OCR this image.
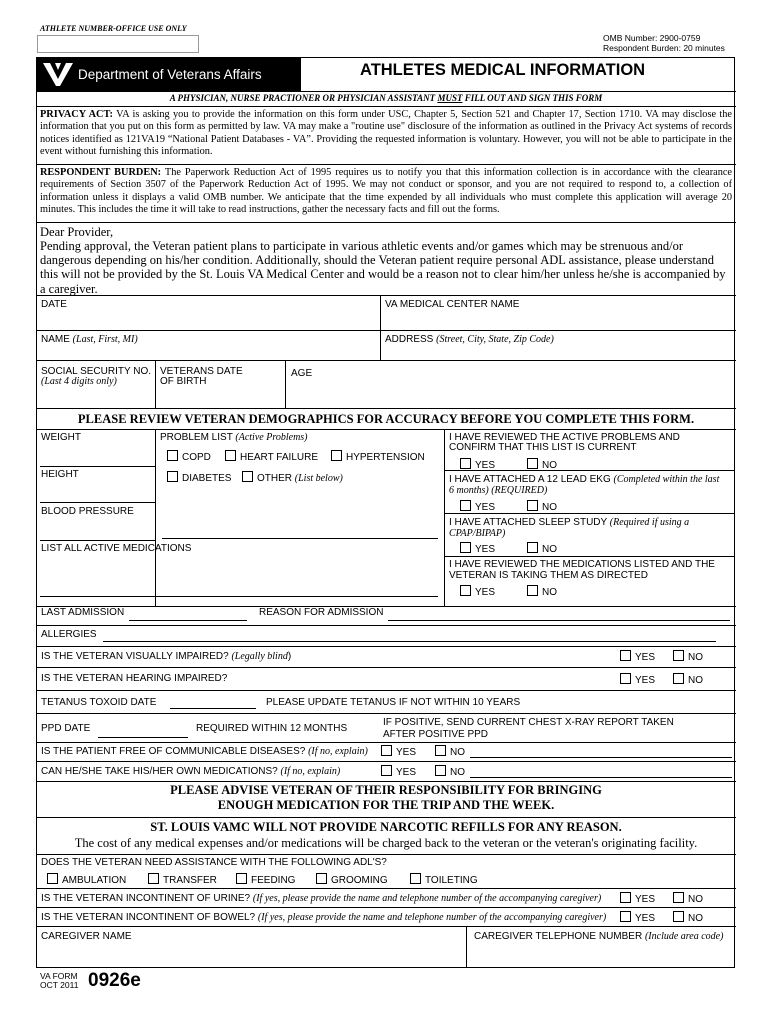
ATHLETE NUMBER-OFFICE USE ONLY
OMB Number: 2900-0759
Respondent Burden: 20 minutes
Department of Veterans Affairs	ATHLETES MEDICAL INFORMATION
A PHYSICIAN, NURSE PRACTIONER OR PHYSICIAN ASSISTANT MUST FILL OUT AND SIGN THIS FORM
PRIVACY ACT: VA is asking you to provide the information on this form under USC, Chapter 5, Section 521 and Chapter 17, Section 1710. VA may disclose the information that you put on this form as permitted by law. VA may make a "routine use" disclosure of the information as outlined in the Privacy Act systems of records notices identified as 121VA19 “National Patient Databases - VA”. Providing the requested information is voluntary. However, you will not be able to participate in the event without furnishing this information.
RESPONDENT BURDEN: The Paperwork Reduction Act of 1995 requires us to notify you that this information collection is in accordance with the clearance requirements of Section 3507 of the Paperwork Reduction Act of 1995. We may not conduct or sponsor, and you are not required to respond to, a collection of information unless it displays a valid OMB number. We anticipate that the time expended by all individuals who must complete this application will average 20 minutes. This includes the time it will take to read instructions, gather the necessary facts and fill out the forms.
Dear Provider,
Pending approval, the Veteran patient plans to participate in various athletic events and/or games which may be strenuous and/or dangerous depending on his/her condition. Additionally, should the Veteran patient require personal ADL assistance, please understand this will not be provided by the St. Louis VA Medical Center and would be a reason not to clear him/her unless he/she is accompanied by a caregiver.
DATE	VA MEDICAL CENTER NAME
NAME (Last, First, MI)	ADDRESS (Street, City, State, Zip Code)
SOCIAL SECURITY NO.
(Last 4 digits only)
VETERANS DATE
OF BIRTH
AGE
PLEASE REVIEW VETERAN DEMOGRAPHICS FOR ACCURACY BEFORE YOU COMPLETE THIS FORM.
WEIGHT
HEIGHT
BLOOD PRESSURE
LIST ALL ACTIVE MEDICATIONS
PROBLEM LIST (Active Problems)
COPD	HEART FAILURE	HYPERTENSION
DIABETES	OTHER (List below)
I HAVE REVIEWED THE ACTIVE PROBLEMS AND
CONFIRM THAT THIS LIST IS CURRENT
YES	NO
I HAVE ATTACHED A 12 LEAD EKG (Completed within the last
6 months) (REQUIRED)
YES	NO
I HAVE ATTACHED SLEEP STUDY (Required if using a
CPAP/BIPAP)
YES	NO
I HAVE REVIEWED THE MEDICATIONS LISTED AND THE
VETERAN IS TAKING THEM AS DIRECTED
YES	NO
LAST ADMISSION	REASON FOR ADMISSION
ALLERGIES
IS THE VETERAN VISUALLY IMPAIRED? (Legally blind)	YES	NO
IS THE VETERAN HEARING IMPAIRED?	YES	NO
TETANUS TOXOID DATE	PLEASE UPDATE TETANUS IF NOT WITHIN 10 YEARS
PPD DATE	REQUIRED WITHIN 12 MONTHS
IF POSITIVE, SEND CURRENT CHEST X-RAY REPORT TAKEN
AFTER POSITIVE PPD
IS THE PATIENT FREE OF COMMUNICABLE DISEASES? (If no, explain)	YES	NO
CAN HE/SHE TAKE HIS/HER OWN MEDICATIONS? (If no, explain)	YES	NO
PLEASE ADVISE VETERAN OF THEIR RESPONSIBILITY FOR BRINGING
ENOUGH MEDICATION FOR THE TRIP AND THE WEEK.
ST. LOUIS VAMC WILL NOT PROVIDE NARCOTIC REFILLS FOR ANY REASON.
The cost of any medical expenses and/or medications will be charged back to the veteran or the veteran's originating facility.
DOES THE VETERAN NEED ASSISTANCE WITH THE FOLLOWING ADL'S?
AMBULATION	TRANSFER	FEEDING	GROOMING	TOILETING
IS THE VETERAN INCONTINENT OF URINE? (If yes, please provide the name and telephone number of the accompanying caregiver)	YES	NO
IS THE VETERAN INCONTINENT OF BOWEL? (If yes, please provide the name and telephone number of the accompanying caregiver)	YES	NO
CAREGIVER NAME	CAREGIVER TELEPHONE NUMBER (Include area code)
VA FORM
OCT 2011 0926e
